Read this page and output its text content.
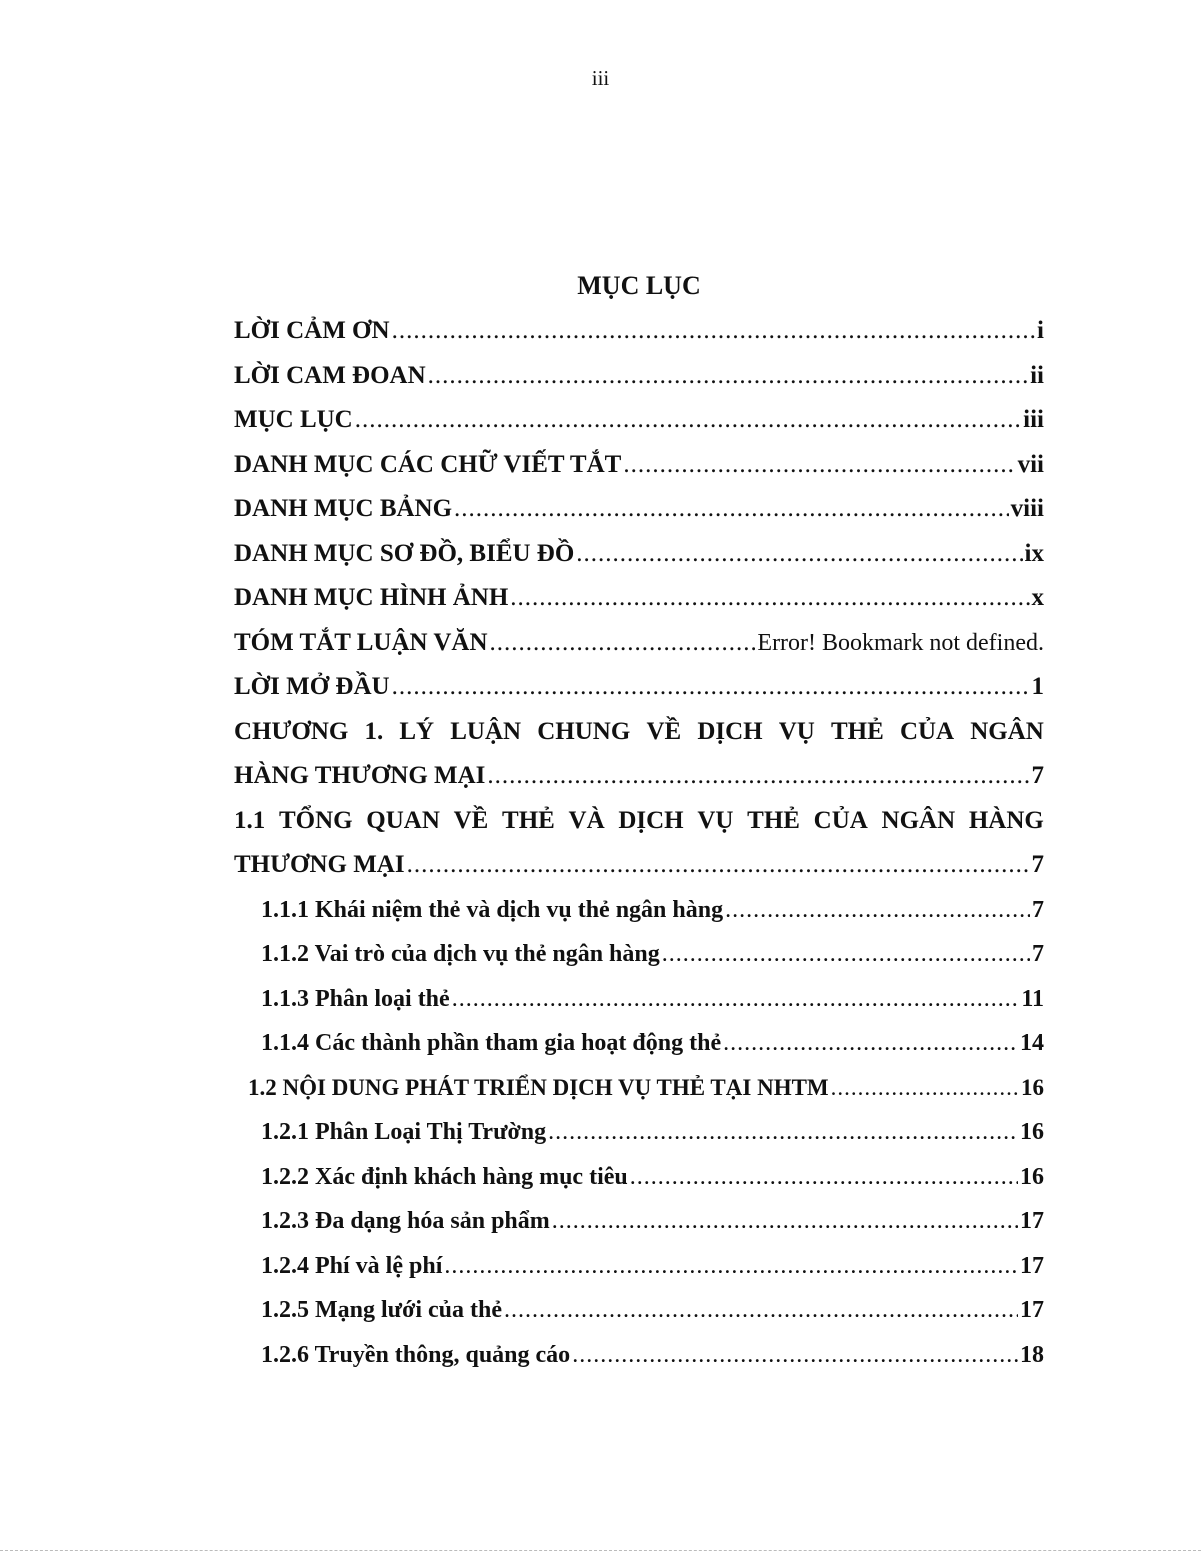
iii
MỤC LỤC
LỜI CẢM ƠN .....	i
LỜI CAM ĐOAN .....	ii
MỤC LỤC .....	iii
DANH MỤC CÁC CHỮ VIẾT TẮT .....	vii
DANH MỤC BẢNG .....	viii
DANH MỤC SƠ ĐỒ, BIỂU ĐỒ .....	ix
DANH MỤC HÌNH ẢNH .....	x
TÓM TẮT LUẬN VĂN .....	Error! Bookmark not defined.
LỜI MỞ ĐẦU .....	1
CHƯƠNG 1. LÝ LUẬN CHUNG VỀ DỊCH VỤ THẺ CỦA NGÂN
HÀNG THƯƠNG MẠI .....	7
1.1 TỔNG QUAN VỀ THẺ VÀ DỊCH VỤ THẺ CỦA NGÂN HÀNG
THƯƠNG MẠI .....	7
1.1.1 Khái niệm thẻ và dịch vụ thẻ ngân hàng .....	7
1.1.2 Vai trò của dịch vụ thẻ ngân hàng .....	7
1.1.3 Phân loại thẻ .....	11
1.1.4 Các thành phần tham gia hoạt động thẻ .....	14
1.2 NỘI DUNG PHÁT TRIỂN DỊCH VỤ THẺ TẠI NHTM .....	16
1.2.1 Phân Loại Thị Trường .....	16
1.2.2 Xác định khách hàng mục tiêu .....	16
1.2.3 Đa dạng hóa sản phẩm .....	17
1.2.4 Phí và lệ phí .....	17
1.2.5 Mạng lưới của thẻ .....	17
1.2.6 Truyền thông, quảng cáo .....	18
